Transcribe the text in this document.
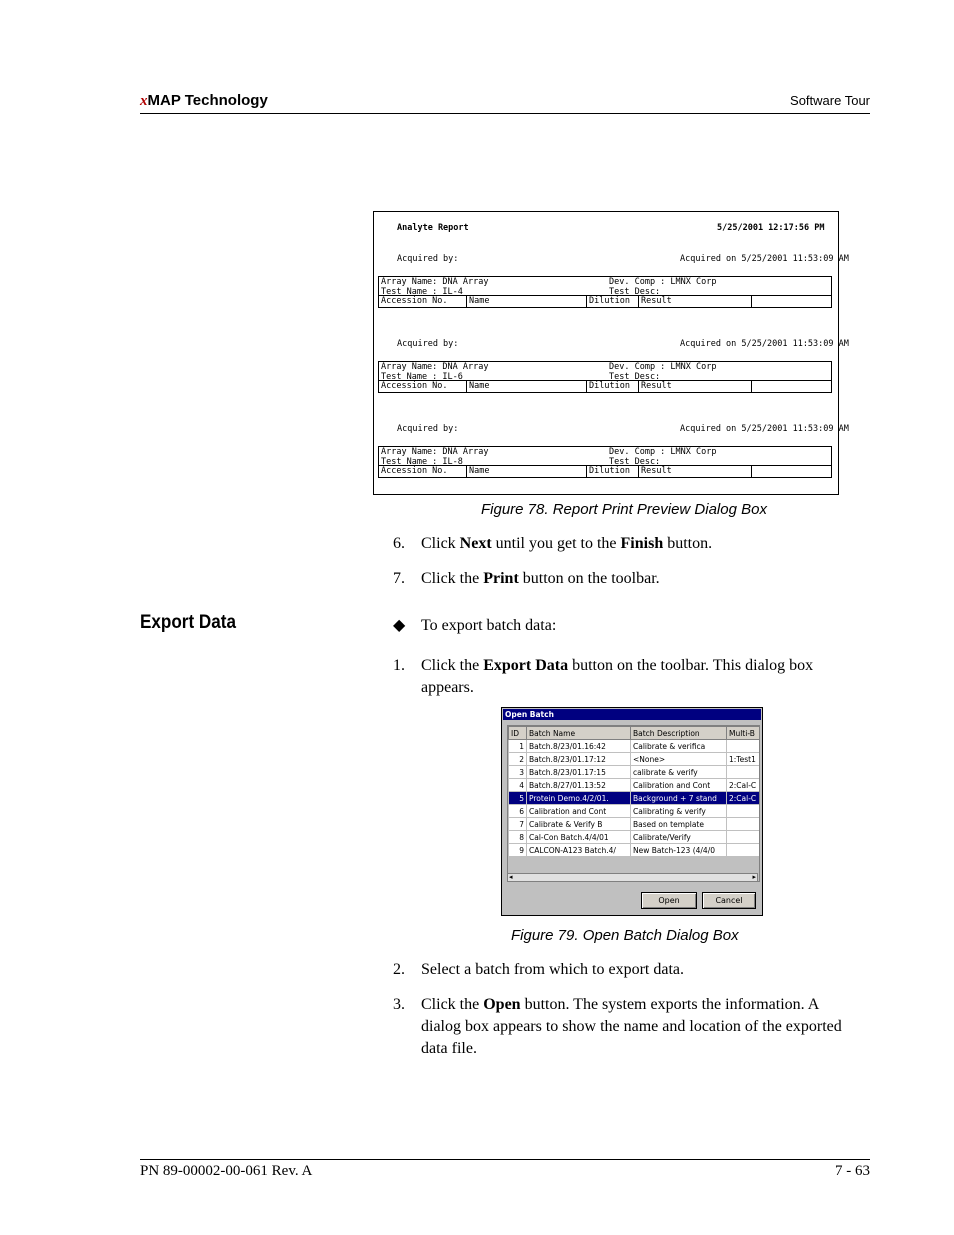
xMAP Technology	Software Tour
Analyte Report	5/25/2001 12:17:56 PM
Acquired by:	Acquired on 5/25/2001 11:53:09 AM
Array Name: DNA Array
Test Name : IL-4
Dev. Comp : LMNX Corp
Test Desc:
Accession No.	Name	Dilution	Result
Acquired by:	Acquired on 5/25/2001 11:53:09 AM
Array Name: DNA Array
Test Name : IL-6
Dev. Comp : LMNX Corp
Test Desc:
Accession No.	Name	Dilution	Result
Acquired by:	Acquired on 5/25/2001 11:53:09 AM
Array Name: DNA Array
Test Name : IL-8
Dev. Comp : LMNX Corp
Test Desc:
Accession No.	Name	Dilution	Result
Figure 78. Report Print Preview Dialog Box
6. Click Next until you get to the Finish button.
7. Click the Print button on the toolbar.
Export Data	◆ To export batch data:
1. Click the Export Data button on the toolbar. This dialog box appears.
Open Batch
ID	Batch Name	Batch Description	Multi-B
1	Batch.8/23/01.16:42	Calibrate & verifica	
2	Batch.8/23/01.17:12	<None>	1:Test1
3	Batch.8/23/01.17:15	calibrate & verify	
4	Batch.8/27/01.13:52	Calibration and Cont	2:Cal-C
5	Protein Demo.4/2/01.	Background + 7 stand	2:Cal-C
6	Calibration and Cont	Calibrating & verify	
7	Calibrate & Verify B	Based on template	
8	Cal-Con Batch.4/4/01	Calibrate/Verify	
9	CALCON-A123 Batch.4/	New Batch-123 (4/4/0	
◂	▸
Open	Cancel
Figure 79. Open Batch Dialog Box
2. Select a batch from which to export data.
3. Click the Open button. The system exports the information. A dialog box appears to show the name and location of the exported data file.
PN 89-00002-00-061 Rev. A	7 - 63
